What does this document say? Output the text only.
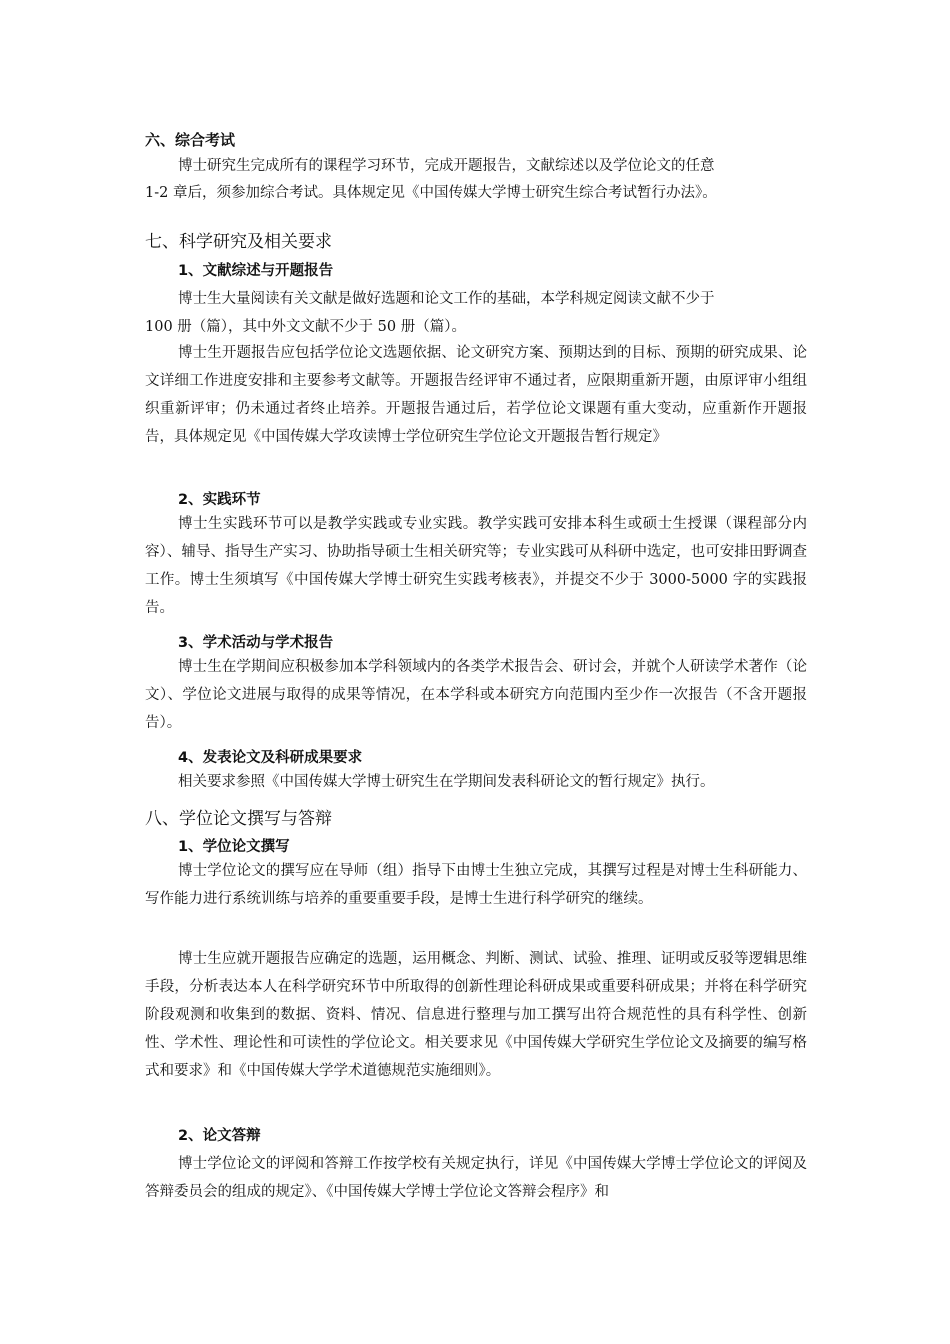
六、综合考试
博士研究生完成所有的课程学习环节，完成开题报告，文献综述以及学位论文的任意
1-2 章后，须参加综合考试。具体规定见《中国传媒大学博士研究生综合考试暂行办法》。
七、科学研究及相关要求
1、文献综述与开题报告
博士生大量阅读有关文献是做好选题和论文工作的基础，本学科规定阅读文献不少于
100 册（篇），其中外文文献不少于 50 册（篇）。

博士生开题报告应包括学位论文选题依据、论文研究方案、预期达到的目标、预期的研究成果、论文详细工作进度安排和主要参考文献等。开题报告经评审不通过者，应限期重新开题，由原评审小组组织重新评审；仍未通过者终止培养。开题报告通过后，若学位论文课题有重大变动，应重新作开题报告，具体规定见《中国传媒大学攻读博士学位研究生学位论文开题报告暂行规定》

2、实践环节

博士生实践环节可以是教学实践或专业实践。教学实践可安排本科生或硕士生授课（课程部分内容）、辅导、指导生产实习、协助指导硕士生相关研究等；专业实践可从科研中选定，也可安排田野调查工作。博士生须填写《中国传媒大学博士研究生实践考核表》，并提交不少于 3000-5000 字的实践报告。

3、学术活动与学术报告

博士生在学期间应积极参加本学科领域内的各类学术报告会、研讨会，并就个人研读学术著作（论文）、学位论文进展与取得的成果等情况，在本学科或本研究方向范围内至少作一次报告（不含开题报告）。

4、发表论文及科研成果要求

相关要求参照《中国传媒大学博士研究生在学期间发表科研论文的暂行规定》执行。

八、学位论文撰写与答辩
1、学位论文撰写

博士学位论文的撰写应在导师（组）指导下由博士生独立完成，其撰写过程是对博士生科研能力、写作能力进行系统训练与培养的重要重要手段，是博士生进行科学研究的继续。

博士生应就开题报告应确定的选题，运用概念、判断、测试、试验、推理、证明或反驳等逻辑思维手段，分析表达本人在科学研究环节中所取得的创新性理论科研成果或重要科研成果；并将在科学研究阶段观测和收集到的数据、资料、情况、信息进行整理与加工撰写出符合规范性的具有科学性、创新性、学术性、理论性和可读性的学位论文。相关要求见《中国传媒大学研究生学位论文及摘要的编写格式和要求》和《中国传媒大学学术道德规范实施细则》。

2、论文答辩

博士学位论文的评阅和答辩工作按学校有关规定执行，详见《中国传媒大学博士学位论文的评阅及答辩委员会的组成的规定》、《中国传媒大学博士学位论文答辩会程序》和
